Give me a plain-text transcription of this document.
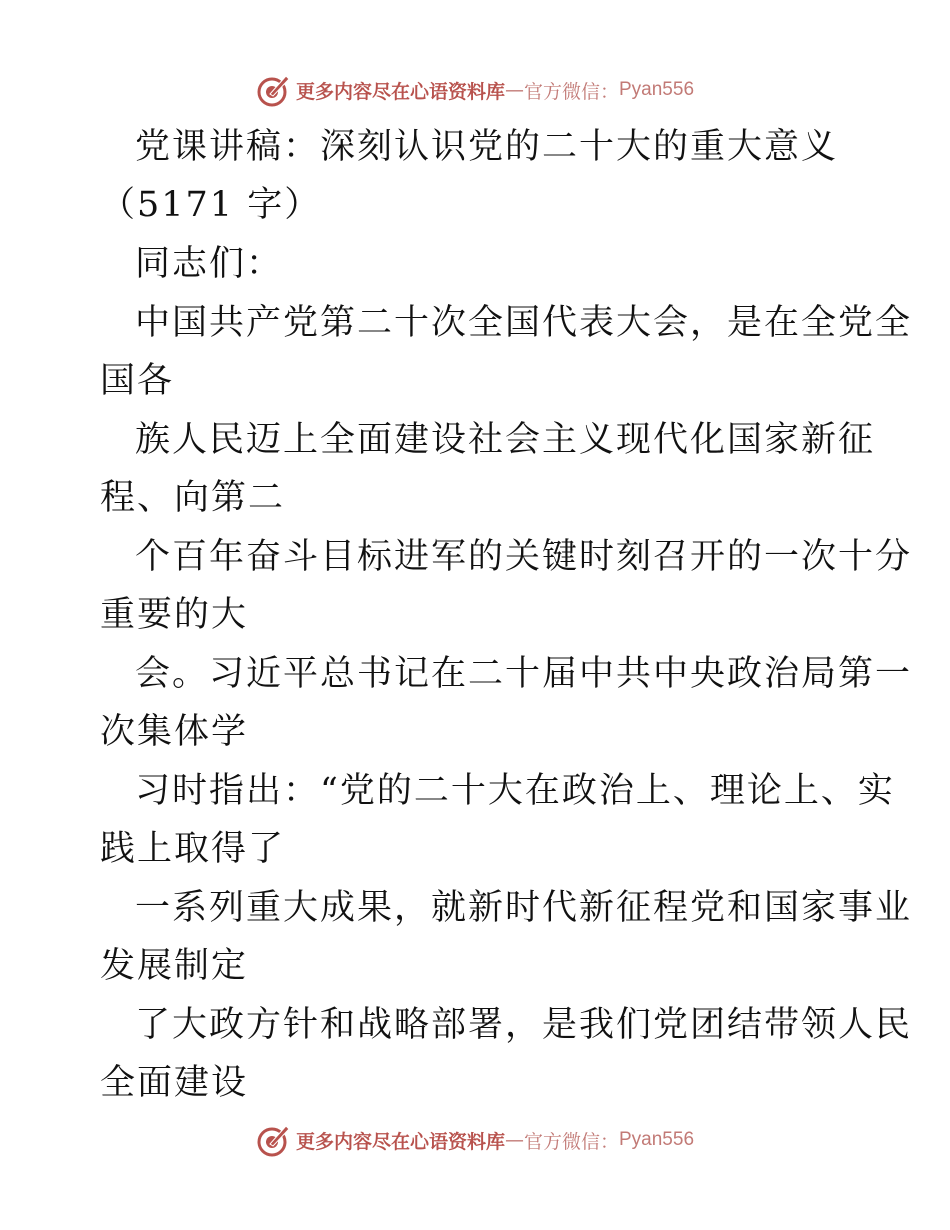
更多内容尽在心语资料库 — 官方微信： Pyan556
党课讲稿：深刻认识党的二十大的重大意义
（5171 字）
同志们：
中国共产党第二十次全国代表大会，是在全党全
国各
族人民迈上全面建设社会主义现代化国家新征
程、向第二
个百年奋斗目标进军的关键时刻召开的一次十分
重要的大
会。习近平总书记在二十届中共中央政治局第一
次集体学
习时指出：“党的二十大在政治上、理论上、实
践上取得了
一系列重大成果，就新时代新征程党和国家事业
发展制定
了大政方针和战略部署，是我们党团结带领人民
全面建设
更多内容尽在心语资料库 — 官方微信： Pyan556
